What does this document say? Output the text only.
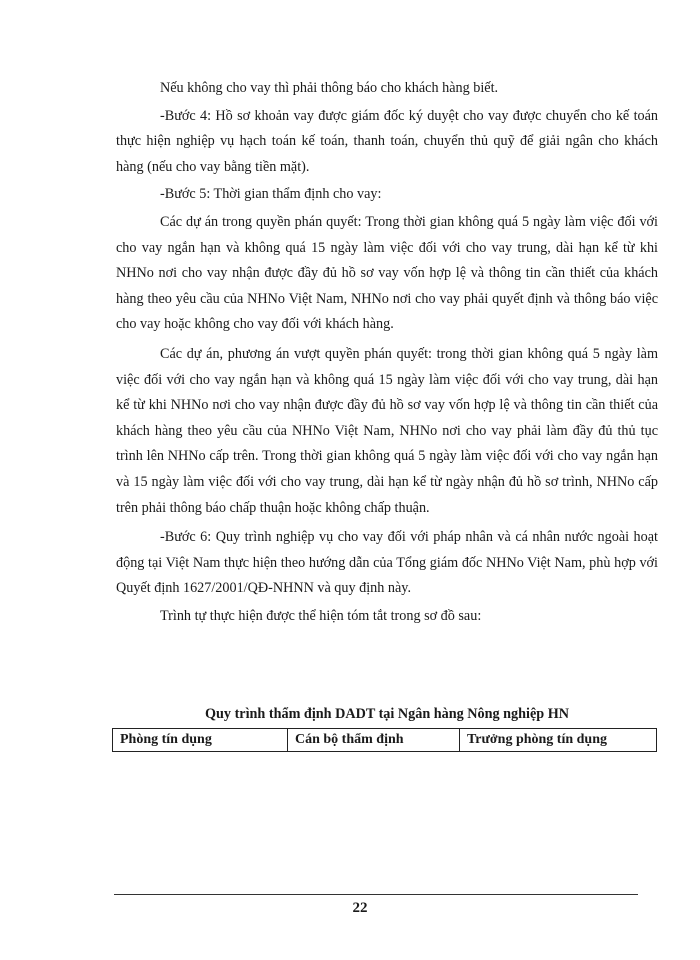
Nếu không cho vay thì phải thông báo cho khách hàng biết.

-Bước 4: Hồ sơ khoản vay được giám đốc ký duyệt cho vay được chuyển cho kế toán thực hiện nghiệp vụ hạch toán kế toán, thanh toán, chuyển thủ quỹ để giải ngân cho khách hàng (nếu cho vay bằng tiền mặt).

-Bước 5: Thời gian thẩm định cho vay:

Các dự án trong quyền phán quyết: Trong thời gian không quá 5 ngày làm việc đối với cho vay ngắn hạn và không quá 15 ngày làm việc đối với cho vay trung, dài hạn kể từ khi NHNo nơi cho vay nhận được đầy đủ hồ sơ vay vốn hợp lệ và thông tin cần thiết của khách hàng theo yêu cầu của NHNo Việt Nam, NHNo nơi cho vay phải quyết định và thông báo việc cho vay hoặc không cho vay đối với khách hàng.

Các dự án, phương án vượt quyền phán quyết: trong thời gian không quá 5 ngày làm việc đối với cho vay ngắn hạn và không quá 15 ngày làm việc đối với cho vay trung, dài hạn kể từ khi NHNo nơi cho vay nhận được đầy đủ hồ sơ vay vốn hợp lệ và thông tin cần thiết của khách hàng theo yêu cầu của NHNo Việt Nam, NHNo nơi cho vay phải làm đầy đủ thủ tục trình lên NHNo cấp trên. Trong thời gian không quá 5 ngày làm việc đối với cho vay ngắn hạn và 15 ngày làm việc đối với cho vay trung, dài hạn kể từ ngày nhận đủ hồ sơ trình, NHNo cấp trên phải thông báo chấp thuận hoặc không chấp thuận.

-Bước 6: Quy trình nghiệp vụ cho vay đối với pháp nhân và cá nhân nước ngoài hoạt động tại Việt Nam thực hiện theo hướng dẫn của Tổng giám đốc NHNo Việt Nam, phù hợp với Quyết định 1627/2001/QĐ-NHNN và quy định này.

Trình tự thực hiện được thể hiện tóm tắt trong sơ đồ sau:

Quy trình thẩm định DADT tại Ngân hàng Nông nghiệp HN
Phòng tín dụng	Cán bộ thẩm định	Trưởng phòng tín dụng
22
